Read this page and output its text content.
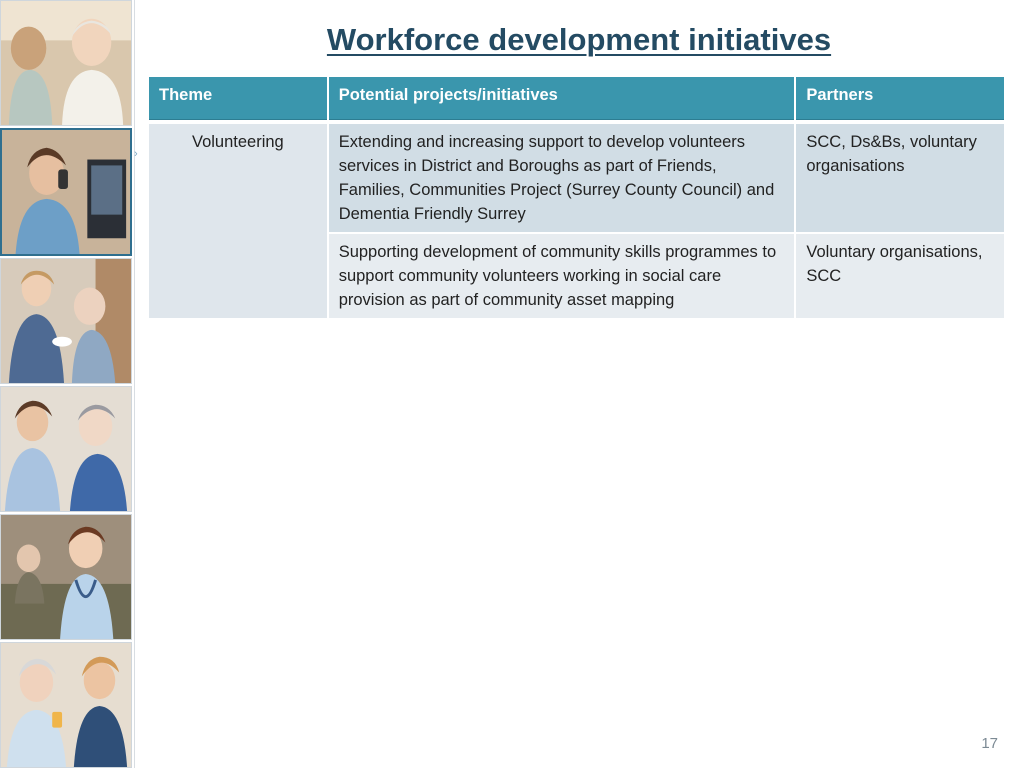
›
Workforce development initiatives
Theme	Potential projects/initiatives	Partners

Volunteering	Extending and increasing support to develop volunteers services in District and Boroughs as part of Friends, Families, Communities Project (Surrey County Council) and Dementia Friendly Surrey	SCC, Ds&Bs, voluntary organisations
	Supporting development of community skills programmes to support community volunteers working in social care provision as part of community asset mapping	Voluntary organisations, SCC
17
